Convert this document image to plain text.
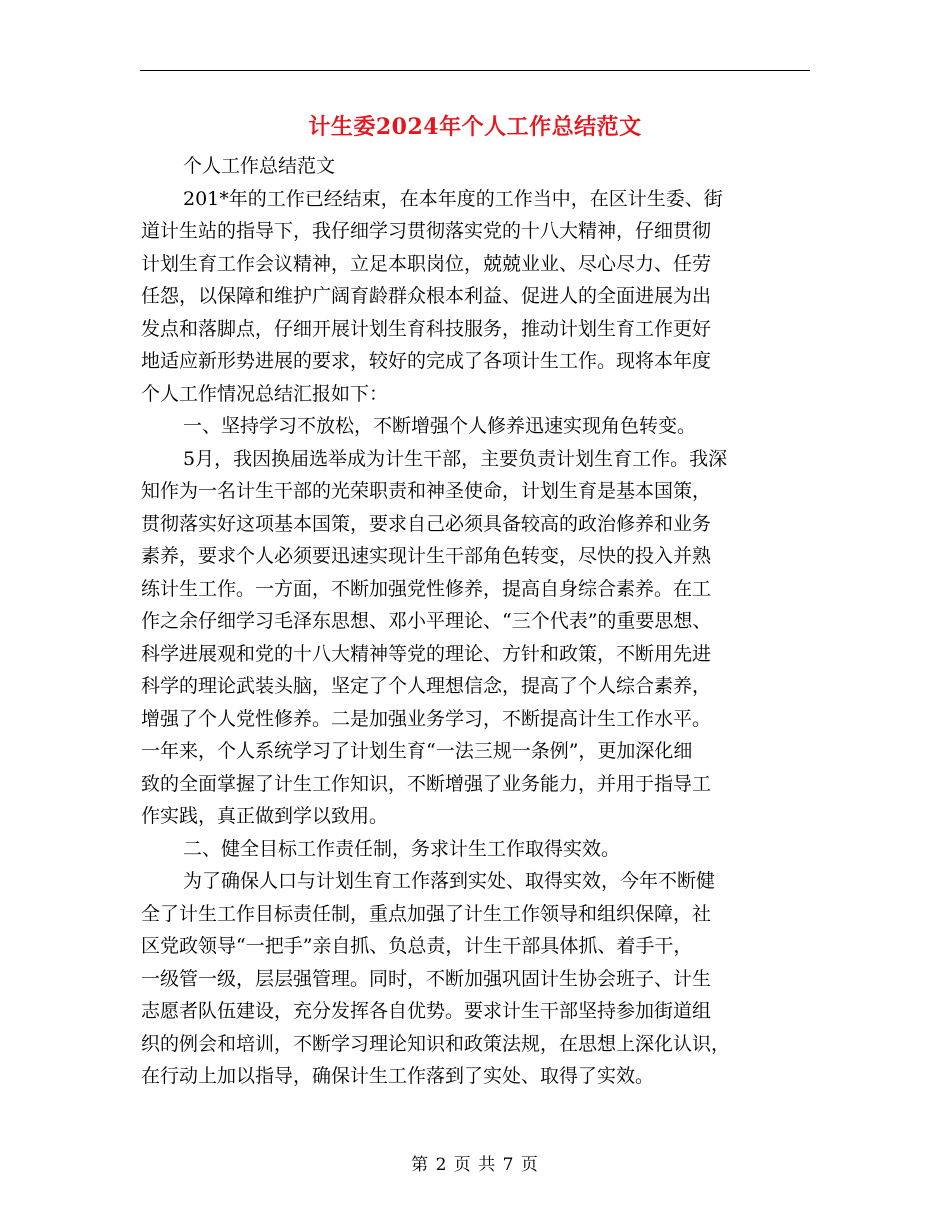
计生委2024年个人工作总结范文
个人工作总结范文
201*年的工作已经结束，在本年度的工作当中，在区计生委、街
道计生站的指导下，我仔细学习贯彻落实党的十八大精神，仔细贯彻
计划生育工作会议精神，立足本职岗位，兢兢业业、尽心尽力、任劳
任怨，以保障和维护广阔育龄群众根本利益、促进人的全面进展为出
发点和落脚点，仔细开展计划生育科技服务，推动计划生育工作更好
地适应新形势进展的要求，较好的完成了各项计生工作。现将本年度
个人工作情况总结汇报如下：
一、坚持学习不放松，不断增强个人修养迅速实现角色转变。
5月，我因换届选举成为计生干部，主要负责计划生育工作。我深
知作为一名计生干部的光荣职责和神圣使命，计划生育是基本国策，
贯彻落实好这项基本国策，要求自己必须具备较高的政治修养和业务
素养，要求个人必须要迅速实现计生干部角色转变，尽快的投入并熟
练计生工作。一方面，不断加强党性修养，提高自身综合素养。在工
作之余仔细学习毛泽东思想、邓小平理论、“三个代表”的重要思想、
科学进展观和党的十八大精神等党的理论、方针和政策，不断用先进
科学的理论武装头脑，坚定了个人理想信念，提高了个人综合素养，
增强了个人党性修养。二是加强业务学习，不断提高计生工作水平。
一年来，个人系统学习了计划生育“一法三规一条例”，更加深化细
致的全面掌握了计生工作知识，不断增强了业务能力，并用于指导工
作实践，真正做到学以致用。
二、健全目标工作责任制，务求计生工作取得实效。
为了确保人口与计划生育工作落到实处、取得实效，今年不断健
全了计生工作目标责任制，重点加强了计生工作领导和组织保障，社
区党政领导“一把手”亲自抓、负总责，计生干部具体抓、着手干，
一级管一级，层层强管理。同时，不断加强巩固计生协会班子、计生
志愿者队伍建设，充分发挥各自优势。要求计生干部坚持参加街道组
织的例会和培训，不断学习理论知识和政策法规，在思想上深化认识，
在行动上加以指导，确保计生工作落到了实处、取得了实效。
第 2 页 共 7 页
